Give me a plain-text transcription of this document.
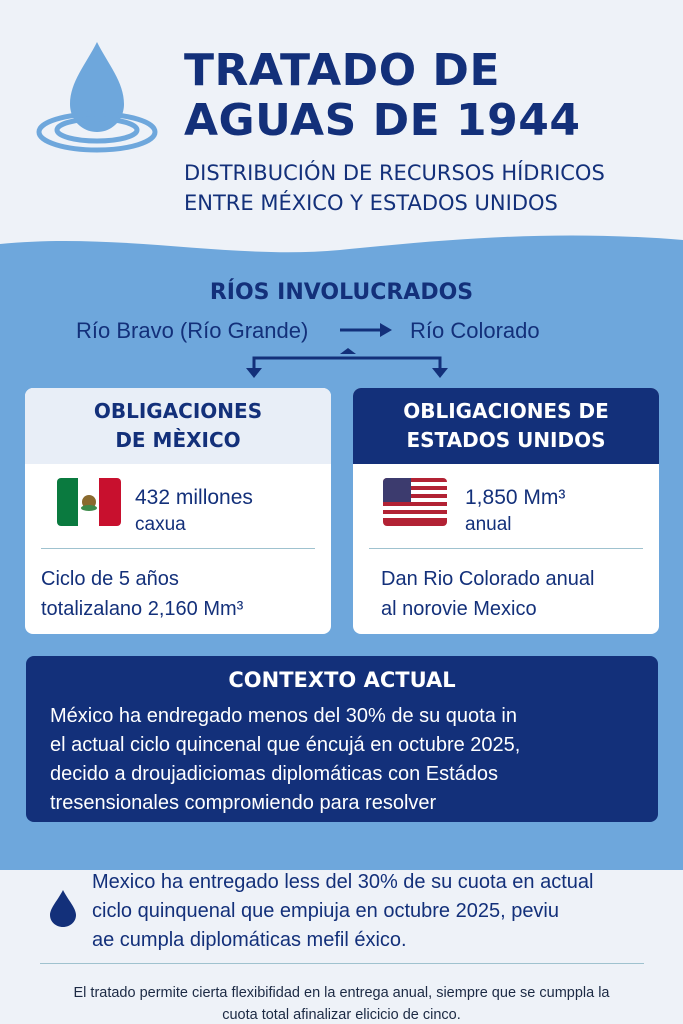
TRATADO DE
AGUAS DE 1944
DISTRIBUCIÓN DE RECURSOS HÍDRICOS
ENTRE MÉXICO Y ESTADOS UNIDOS
RÍOS INVOLUCRADOS
Río Bravo (Río Grande)	Río Colorado
OBLIGACIONES
DE MÈXICO
432 millones
caxua
Ciclo de 5 años
totalizalano 2,160 Mm³
OBLIGACIONES DE
ESTADOS UNIDOS
1,850 Mm³
anual
Dan Rio Colorado anual
al norovie Mexico
CONTEXTO ACTUAL
México ha endregado menos del 30% de su quota in
el actual ciclo quincenal que éncujá en octubre 2025,
decido a droujadiciomas diplomáticas con Estádos
tresensionales comprомiendo para resolver
Mexico ha entregado less del 30% de su cuota en actual
ciclo quinquenal que empiuja en octubre 2025, peviu
ae cumpla diplomáticas mefil éxico.
El tratado permite cierta flexibifidad en la entrega anual, siempre que se cumppla la
cuota total afinalizar elicicio de cinco.
